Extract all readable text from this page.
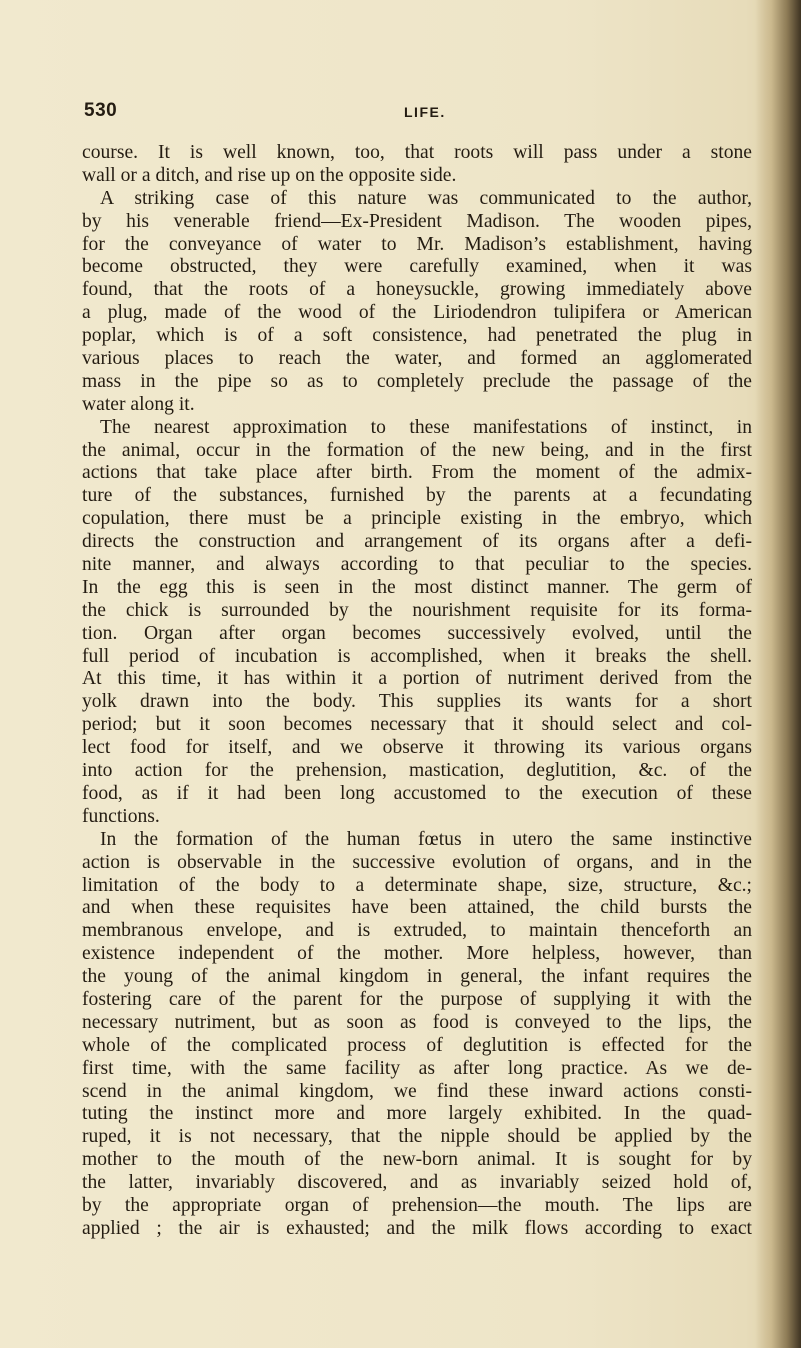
530	LIFE.
course. It is well known, too, that roots will pass under a stone
wall or a ditch, and rise up on the opposite side.
A striking case of this nature was communicated to the author,
by his venerable friend—Ex-President Madison. The wooden pipes,
for the conveyance of water to Mr. Madison’s establishment, having
become obstructed, they were carefully examined, when it was
found, that the roots of a honeysuckle, growing immediately above
a plug, made of the wood of the Liriodendron tulipifera or American
poplar, which is of a soft consistence, had penetrated the plug in
various places to reach the water, and formed an agglomerated
mass in the pipe so as to completely preclude the passage of the
water along it.
The nearest approximation to these manifestations of instinct, in
the animal, occur in the formation of the new being, and in the first
actions that take place after birth. From the moment of the admix-
ture of the substances, furnished by the parents at a fecundating
copulation, there must be a principle existing in the embryo, which
directs the construction and arrangement of its organs after a defi-
nite manner, and always according to that peculiar to the species.
In the egg this is seen in the most distinct manner. The germ of
the chick is surrounded by the nourishment requisite for its forma-
tion. Organ after organ becomes successively evolved, until the
full period of incubation is accomplished, when it breaks the shell.
At this time, it has within it a portion of nutriment derived from the
yolk drawn into the body. This supplies its wants for a short
period; but it soon becomes necessary that it should select and col-
lect food for itself, and we observe it throwing its various organs
into action for the prehension, mastication, deglutition, &c. of the
food, as if it had been long accustomed to the execution of these
functions.
In the formation of the human fœtus in utero the same instinctive
action is observable in the successive evolution of organs, and in the
limitation of the body to a determinate shape, size, structure, &c.;
and when these requisites have been attained, the child bursts the
membranous envelope, and is extruded, to maintain thenceforth an
existence independent of the mother. More helpless, however, than
the young of the animal kingdom in general, the infant requires the
fostering care of the parent for the purpose of supplying it with the
necessary nutriment, but as soon as food is conveyed to the lips, the
whole of the complicated process of deglutition is effected for the
first time, with the same facility as after long practice. As we de-
scend in the animal kingdom, we find these inward actions consti-
tuting the instinct more and more largely exhibited. In the quad-
ruped, it is not necessary, that the nipple should be applied by the
mother to the mouth of the new-born animal. It is sought for by
the latter, invariably discovered, and as invariably seized hold of,
by the appropriate organ of prehension—the mouth. The lips are
applied ; the air is exhausted; and the milk flows according to exact
